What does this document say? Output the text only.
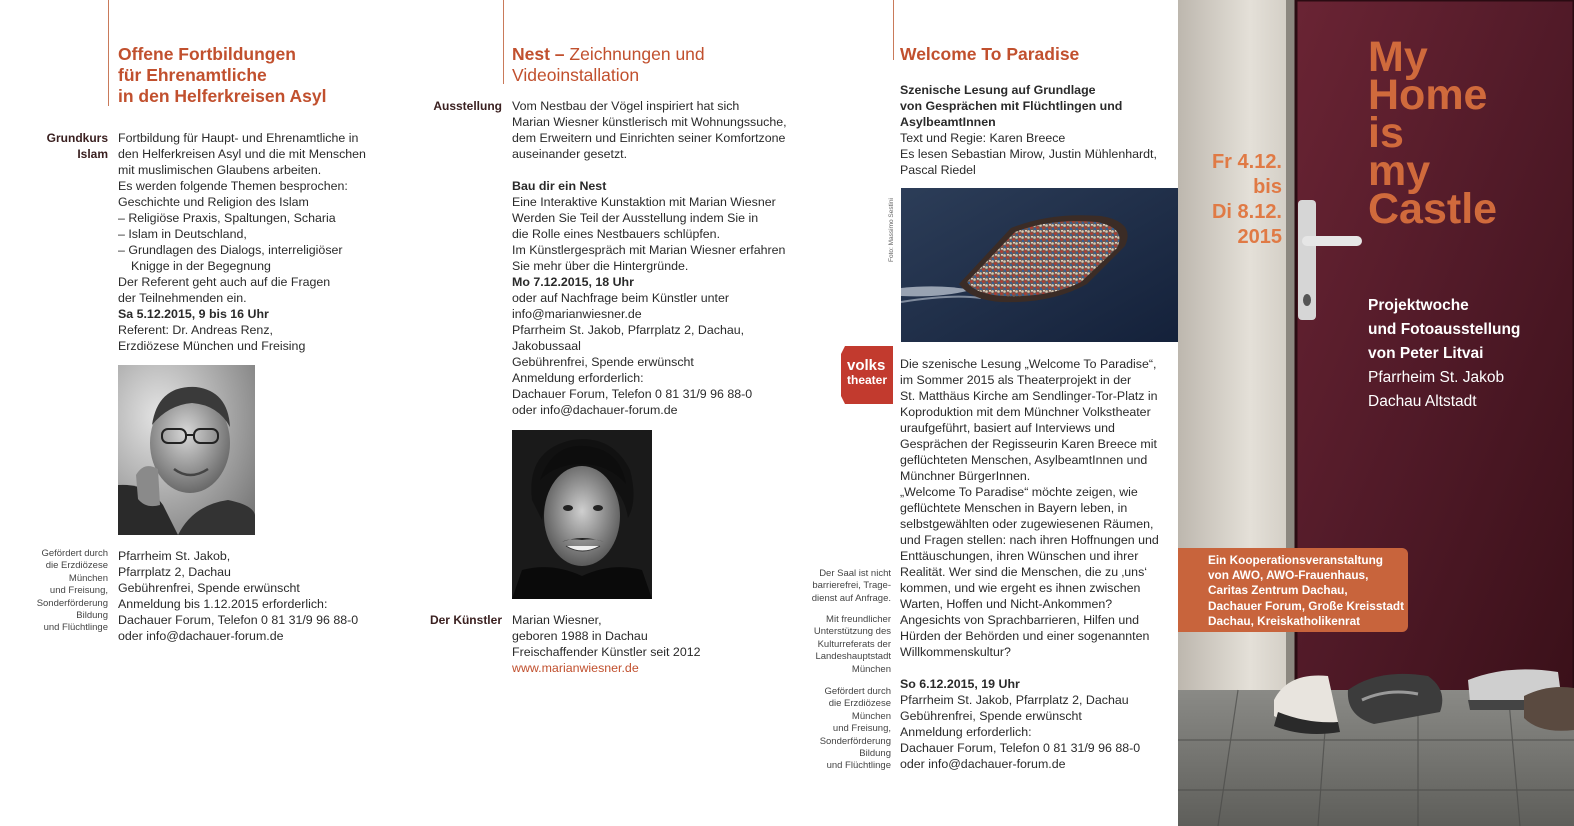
Offene Fortbildungen
für Ehrenamtliche
in den Helferkreisen Asyl
Grundkurs
Islam
Fortbildung für Haupt- und Ehrenamtliche in
den Helferkreisen Asyl und die mit Menschen
mit muslimischen Glaubens arbeiten.
Es werden folgende Themen besprochen:
Geschichte und Religion des Islam
– Religiöse Praxis, Spaltungen, Scharia
– Islam in Deutschland,
– Grundlagen des Dialogs, interreligiöser Knigge in der Begegnung
Der Referent geht auch auf die Fragen
der Teilnehmenden ein.
Sa 5.12.2015, 9 bis 16 Uhr
Referent: Dr. Andreas Renz,
Erzdiözese München und Freising
Gefördert durch
die Erzdiözese
München
und Freisung,
Sonderförderung
Bildung
und Flüchtlinge
Pfarrheim St. Jakob,
Pfarrplatz 2, Dachau
Gebührenfrei, Spende erwünscht
Anmeldung bis 1.12.2015 erforderlich:
Dachauer Forum, Telefon 0 81 31/9 96 88-0
oder info@dachauer-forum.de
Nest – Zeichnungen und
Videoinstallation
Ausstellung Vom Nestbau der Vögel inspiriert hat sich
Marian Wiesner künstlerisch mit Wohnungssuche,
dem Erweitern und Einrichten seiner Komfortzone
auseinander gesetzt.
Bau dir ein Nest
Eine Interaktive Kunstaktion mit Marian Wiesner
Werden Sie Teil der Ausstellung indem Sie in
die Rolle eines Nestbauers schlüpfen.
Im Künstlergespräch mit Marian Wiesner erfahren
Sie mehr über die Hintergründe.
Mo 7.12.2015, 18 Uhr
oder auf Nachfrage beim Künstler unter
info@marianwiesner.de
Pfarrheim St. Jakob, Pfarrplatz 2, Dachau,
Jakobussaal
Gebührenfrei, Spende erwünscht
Anmeldung erforderlich:
Dachauer Forum, Telefon 0 81 31/9 96 88-0
oder info@dachauer-forum.de
Der Künstler Marian Wiesner,
geboren 1988 in Dachau
Freischaffender Künstler seit 2012
www.marianwiesner.de
Welcome To Paradise
Szenische Lesung auf Grundlage
von Gesprächen mit Flüchtlingen und
AsylbeamtInnen
Text und Regie: Karen Breece
Es lesen Sebastian Mirow, Justin Mühlenhardt,
Pascal Riedel
Foto: Massimo Sestini
volks
theater
Die szenische Lesung „Welcome To Paradise“,
im Sommer 2015 als Theaterprojekt in der
St. Matthäus Kirche am Sendlinger-Tor-Platz in
Koproduktion mit dem Münchner Volkstheater
uraufgeführt, basiert auf Interviews und
Gesprächen der Regisseurin Karen Breece mit
geflüchteten Menschen, AsylbeamtInnen und
Münchner BürgerInnen.
„Welcome To Paradise“ möchte zeigen, wie
geflüchtete Menschen in Bayern leben, in
selbstgewählten oder zugewiesenen Räumen,
und Fragen stellen: nach ihren Hoffnungen und
Enttäuschungen, ihren Wünschen und ihrer
Realität. Wer sind die Menschen, die zu ‚uns‘
kommen, und wie ergeht es ihnen zwischen
Warten, Hoffen und Nicht-Ankommen?
Angesichts von Sprachbarrieren, Hilfen und
Hürden der Behörden und einer sogenannten
Willkommenskultur?
So 6.12.2015, 19 Uhr
Pfarrheim St. Jakob, Pfarrplatz 2, Dachau
Gebührenfrei, Spende erwünscht
Anmeldung erforderlich:
Dachauer Forum, Telefon 0 81 31/9 96 88-0
oder info@dachauer-forum.de
Der Saal ist nicht
barrierefrei, Trage-
dienst auf Anfrage.
Mit freundlicher
Unterstützung des
Kulturreferats der
Landeshauptstadt
München
Gefördert durch
die Erzdiözese
München
und Freisung,
Sonderförderung
Bildung
und Flüchtlinge
My
Home
is
my
Castle
Fr 4.12.
bis
Di 8.12.
2015
Projektwoche
und Fotoausstellung
von Peter Litvai
Pfarrheim St. Jakob
Dachau Altstadt
Ein Kooperationsveranstaltung
von AWO, AWO-Frauenhaus,
Caritas Zentrum Dachau,
Dachauer Forum, Große Kreisstadt
Dachau, Kreiskatholikenrat
